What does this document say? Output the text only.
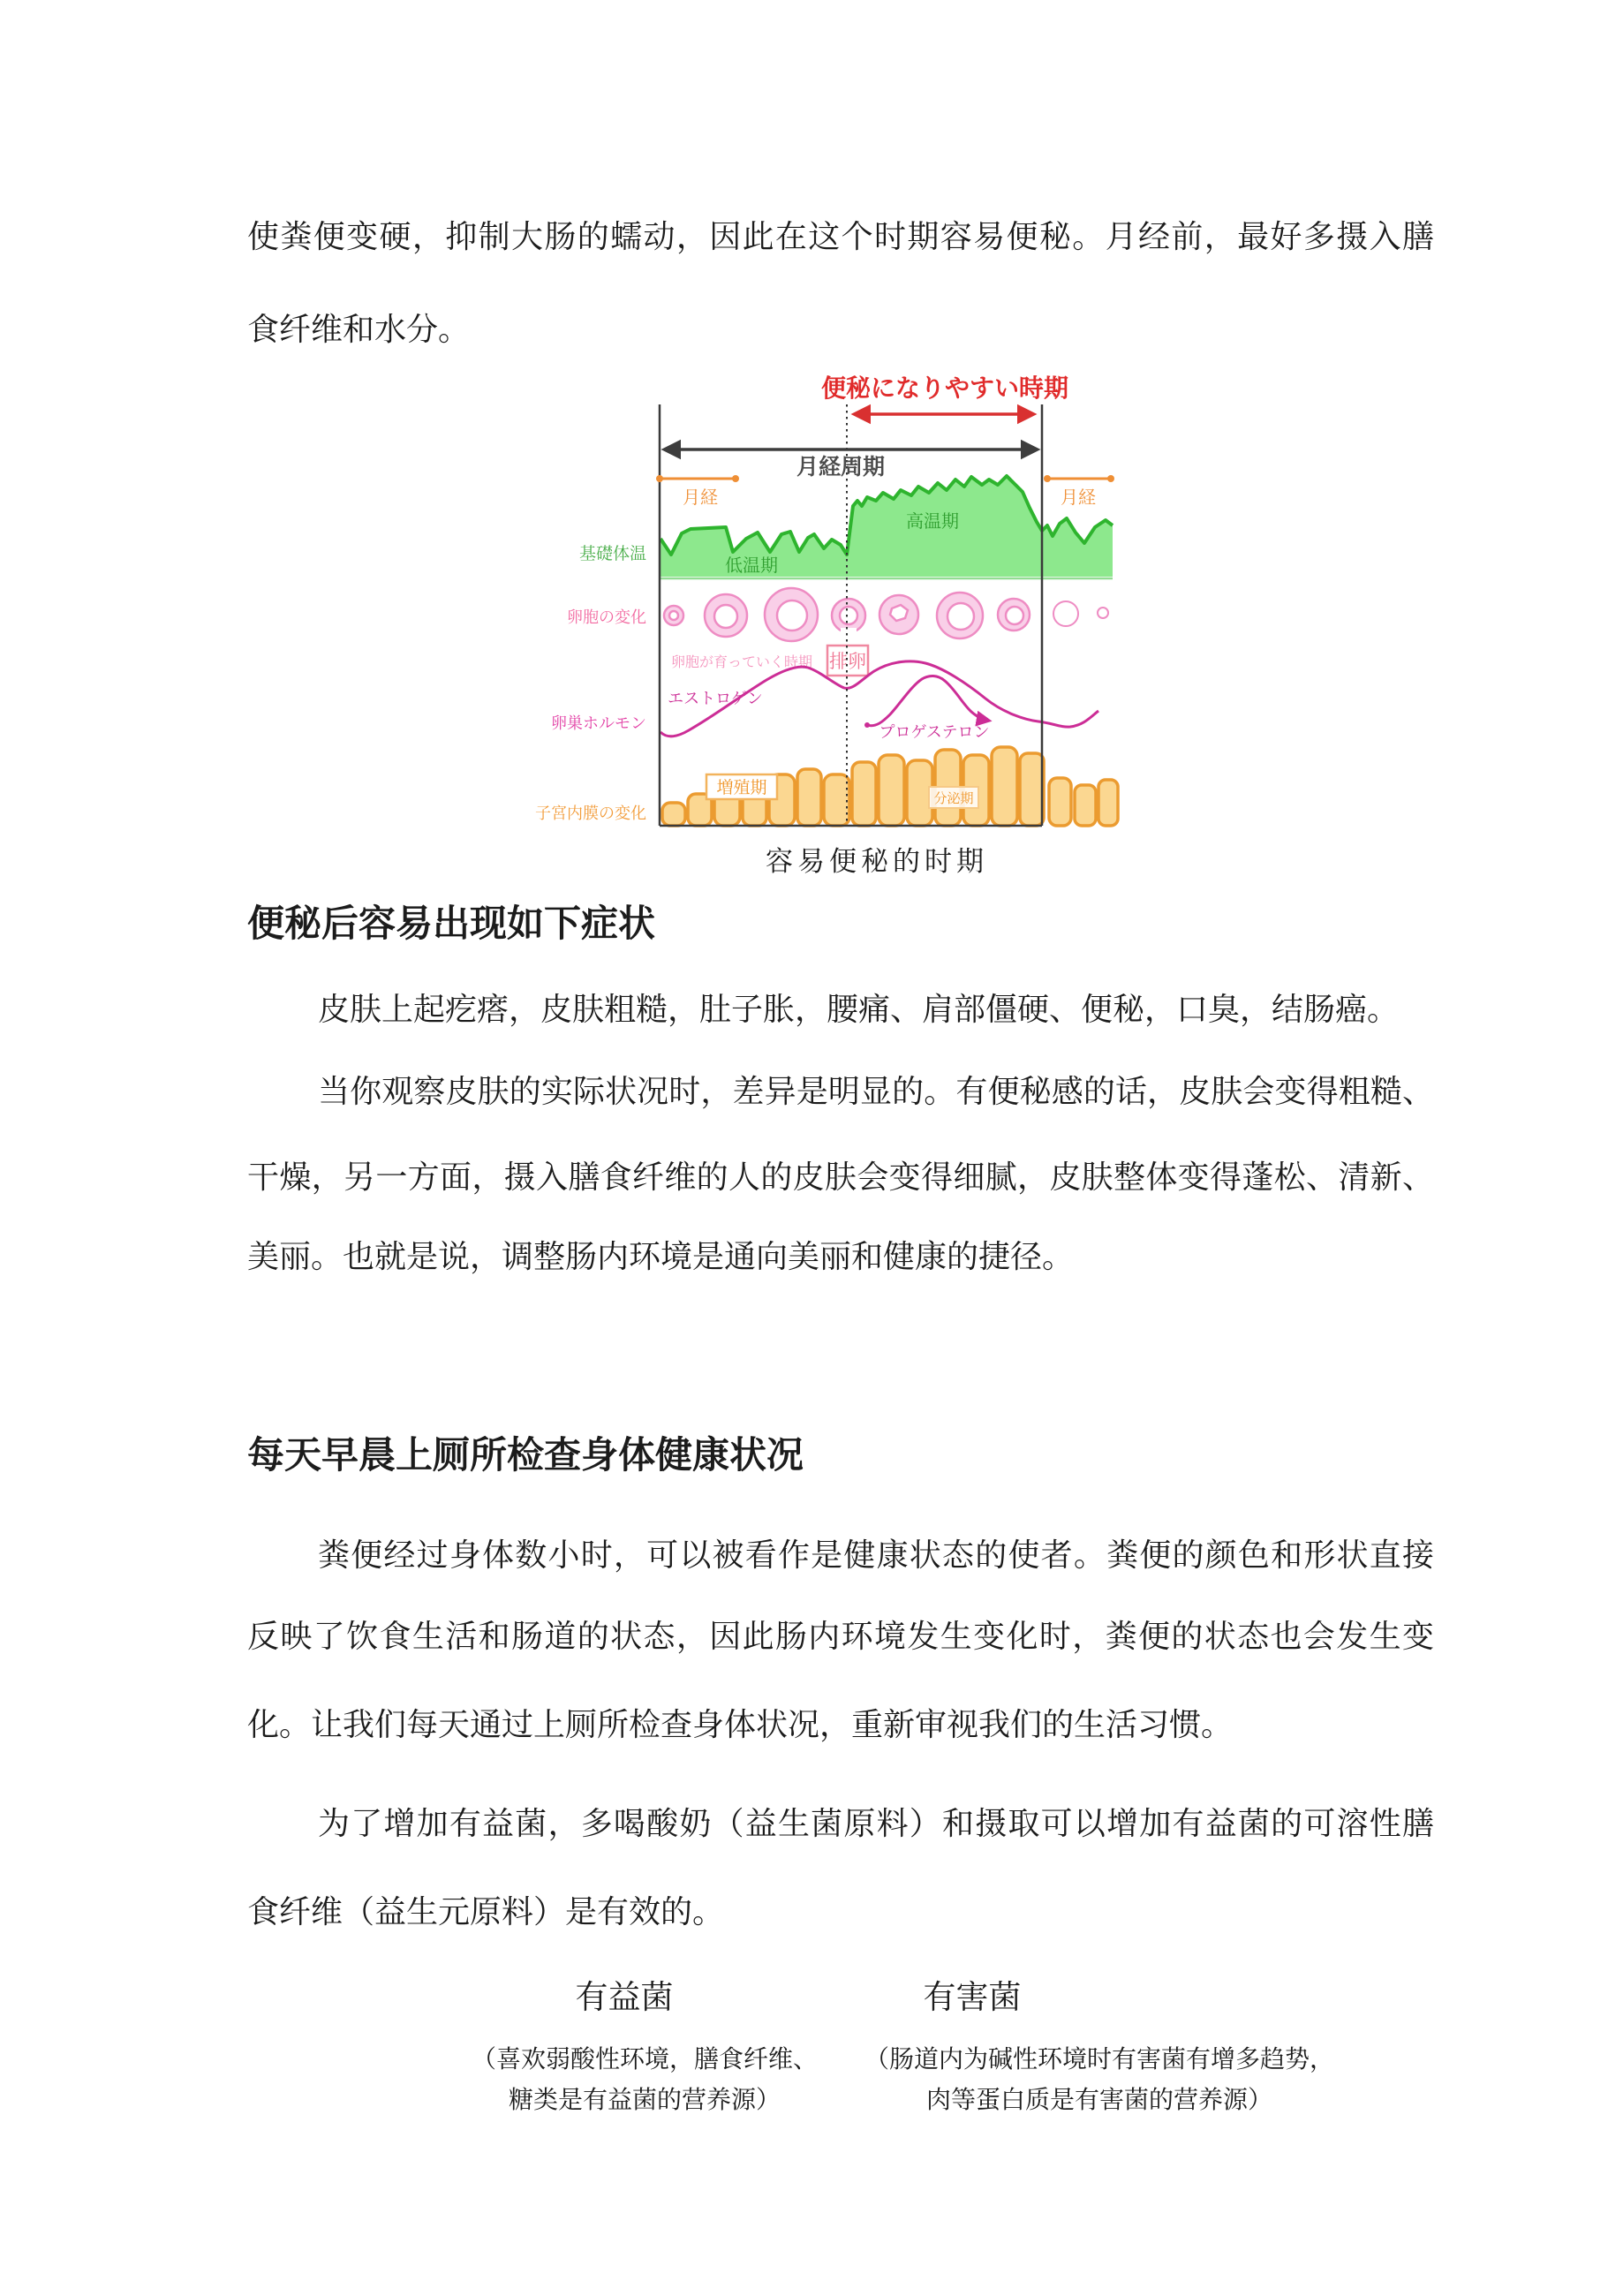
使粪便变硬，抑制大肠的蠕动，因此在这个时期容易便秘。月经前，最好多摄入膳
食纤维和水分。
低温期
高温期
基礎体温
卵胞の変化
卵胞が育っていく時期 排卵
エストロゲン
プロゲステロン
卵巣ホルモン
増殖期
分泌期
子宮内膜の変化
便秘になりやすい時期
月経周期
月経	月経
容易便秘的时期
便秘后容易出现如下症状
皮肤上起疙瘩，皮肤粗糙，肚子胀，腰痛、肩部僵硬、便秘，口臭，结肠癌。
当你观察皮肤的实际状况时，差异是明显的。有便秘感的话，皮肤会变得粗糙、
干燥，另一方面，摄入膳食纤维的人的皮肤会变得细腻，皮肤整体变得蓬松、清新、
美丽。也就是说，调整肠内环境是通向美丽和健康的捷径。
每天早晨上厕所检查身体健康状况
粪便经过身体数小时，可以被看作是健康状态的使者。粪便的颜色和形状直接
反映了饮食生活和肠道的状态，因此肠内环境发生变化时，粪便的状态也会发生变
化。让我们每天通过上厕所检查身体状况，重新审视我们的生活习惯。
为了增加有益菌，多喝酸奶（益生菌原料）和摄取可以增加有益菌的可溶性膳
食纤维（益生元原料）是有效的。
有益菌	有害菌
（喜欢弱酸性环境，膳食纤维、
糖类是有益菌的营养源）
（肠道内为碱性环境时有害菌有增多趋势，
肉等蛋白质是有害菌的营养源）
